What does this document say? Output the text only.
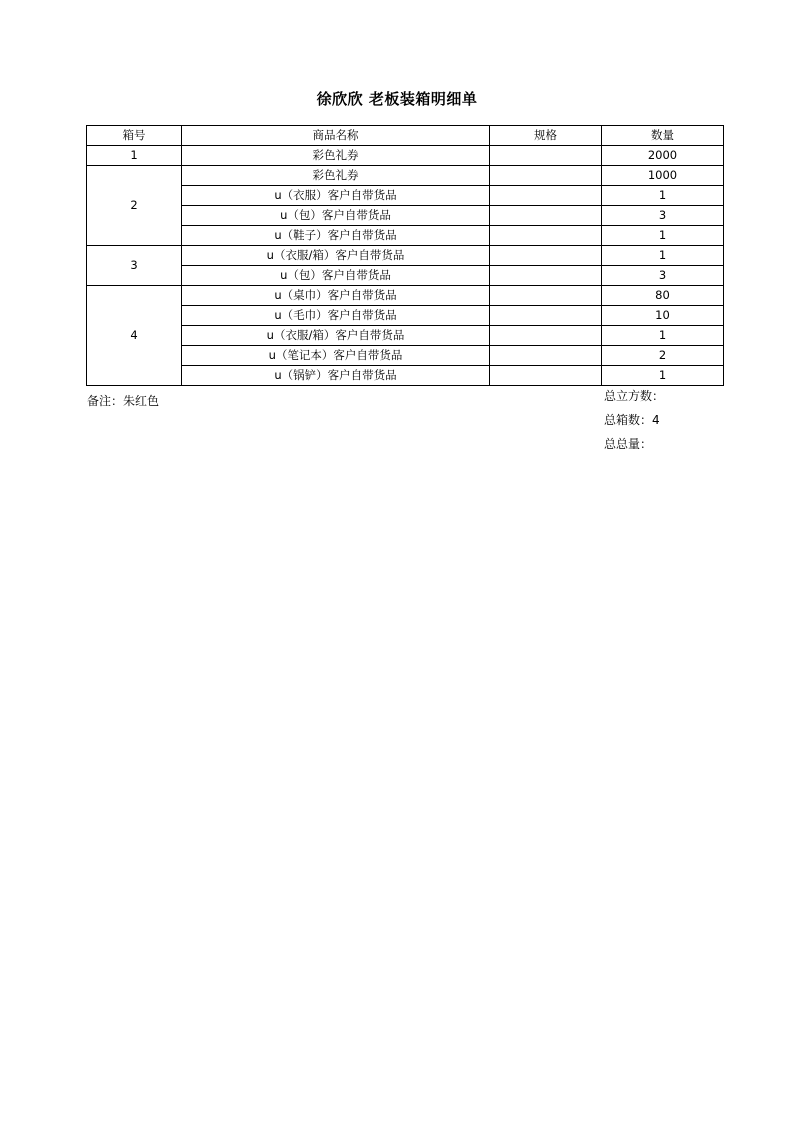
徐欣欣 老板装箱明细单
箱号	商品名称	规格	数量
1	彩色礼券		2000
2	彩色礼券		1000
	u（衣服）客户自带货品		1
	u（包）客户自带货品		3
	u（鞋子）客户自带货品		1
3	u（衣服/箱）客户自带货品		1
	u（包）客户自带货品		3
4	u（桌巾）客户自带货品		80
	u（毛巾）客户自带货品		10
	u（衣服/箱）客户自带货品		1
	u（笔记本）客户自带货品		2
	u（锅铲）客户自带货品		1
备注：朱红色	总立方数：
总箱数：4
总总量：
